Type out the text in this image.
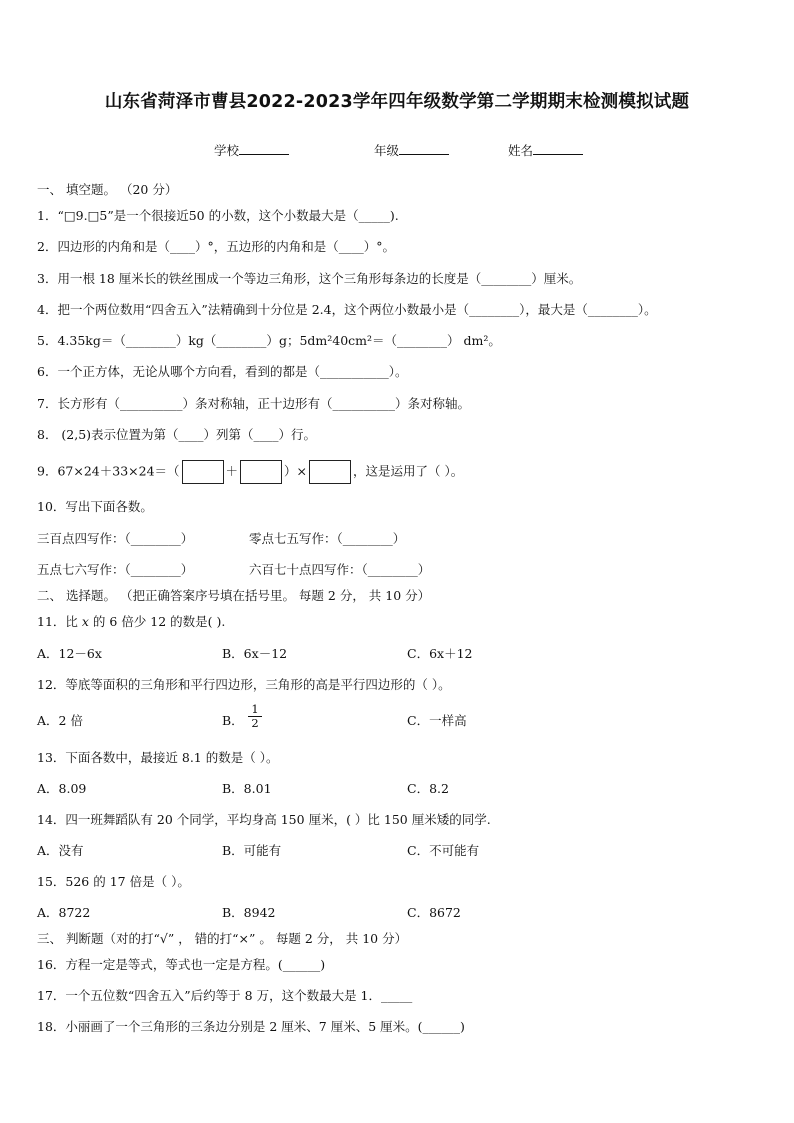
山东省菏泽市曹县2022-2023学年四年级数学第二学期期末检测模拟试题
学校	年级	姓名
一、 填空题。 （20 分）
1．“□9.□5”是一个很接近50 的小数，这个小数最大是（_____).
2．四边形的内角和是（____）°，五边形的内角和是（____）°。
3．用一根 18 厘米长的铁丝围成一个等边三角形，这个三角形每条边的长度是（________）厘米。
4．把一个两位数用“四舍五入”法精确到十分位是 2.4，这个两位小数最小是（________），最大是（________）。
5．4.35kg＝（________）kg（________）g；5dm²40cm²＝（________） dm²。
6．一个正方体，无论从哪个方向看，看到的都是（___________）。
7．长方形有（__________）条对称轴，正十边形有（__________）条对称轴。
8． (2,5)表示位置为第（____）列第（____）行。
9．67×24＋33×24＝（	＋	）×	，这是运用了（ ）。
10．写出下面各数。
三百点四写作：（________）	零点七五写作：（________）
五点七六写作：（________）	六百七十点四写作：（________）
二、 选择题。 （把正确答案序号填在括号里。 每题 2 分， 共 10 分）
11．比 x 的 6 倍少 12 的数是( ).
A．12－6x	B．6x－12	C．6x＋12
12．等底等面积的三角形和平行四边形，三角形的高是平行四边形的（ ）。
A．2 倍	B． $\frac{1}{2}$	C．一样高
13．下面各数中，最接近 8.1 的数是（ ）。
A．8.09	B．8.01	C．8.2
14．四一班舞蹈队有 20 个同学，平均身高 150 厘米，( ）比 150 厘米矮的同学.
A．没有	B．可能有	C．不可能有
15．526 的 17 倍是（ ）。
A．8722	B．8942	C．8672
三、 判断题（对的打“√” ， 错的打“×” 。 每题 2 分， 共 10 分）
16．方程一定是等式，等式也一定是方程。(______)
17．一个五位数“四舍五入”后约等于 8 万，这个数最大是 1．_____
18．小丽画了一个三角形的三条边分别是 2 厘米、7 厘米、5 厘米。(______)
